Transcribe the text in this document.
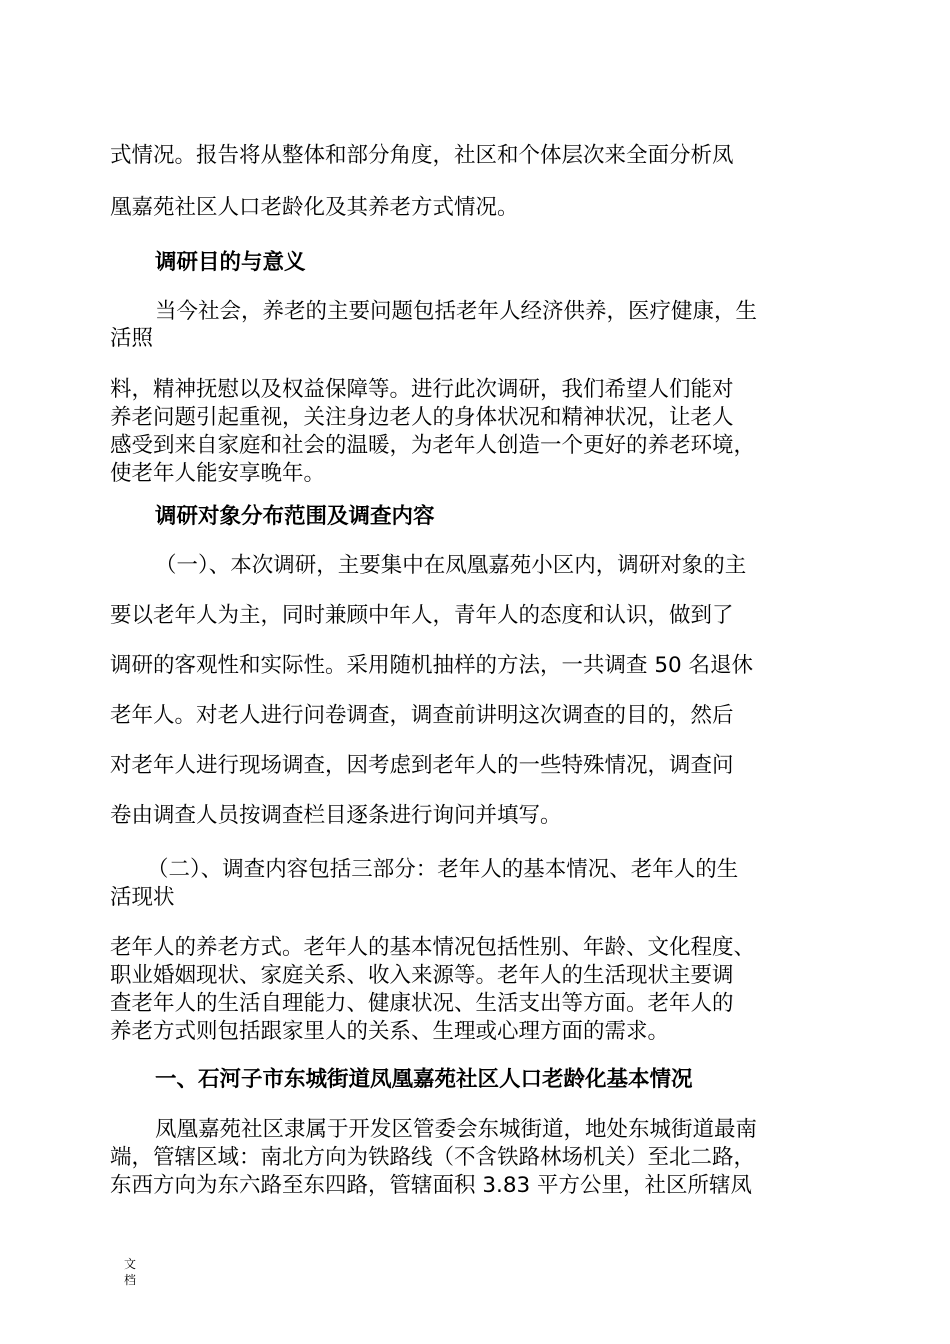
式情况。报告将从整体和部分角度，社区和个体层次来全面分析凤
凰嘉苑社区人口老龄化及其养老方式情况。
调研目的与意义
当今社会，养老的主要问题包括老年人经济供养，医疗健康，生
活照
料，精神抚慰以及权益保障等。进行此次调研，我们希望人们能对
养老问题引起重视，关注身边老人的身体状况和精神状况，让老人
感受到来自家庭和社会的温暖，为老年人创造一个更好的养老环境，
使老年人能安享晚年。
调研对象分布范围及调查内容
（一）、本次调研，主要集中在凤凰嘉苑小区内，调研对象的主
要以老年人为主，同时兼顾中年人，青年人的态度和认识，做到了
调研的客观性和实际性。采用随机抽样的方法，一共调查 50 名退休
老年人。对老人进行问卷调查，调查前讲明这次调查的目的，然后
对老年人进行现场调查，因考虑到老年人的一些特殊情况，调查问
卷由调查人员按调查栏目逐条进行询问并填写。
（二）、调查内容包括三部分：老年人的基本情况、老年人的生
活现状
老年人的养老方式。老年人的基本情况包括性别、年龄、文化程度、
职业婚姻现状、家庭关系、收入来源等。老年人的生活现状主要调
查老年人的生活自理能力、健康状况、生活支出等方面。老年人的
养老方式则包括跟家里人的关系、生理或心理方面的需求。
一、石河子市东城街道凤凰嘉苑社区人口老龄化基本情况
凤凰嘉苑社区隶属于开发区管委会东城街道，地处东城街道最南
端，管辖区域：南北方向为铁路线（不含铁路林场机关）至北二路，
东西方向为东六路至东四路，管辖面积 3.83 平方公里，社区所辖凤
文档
